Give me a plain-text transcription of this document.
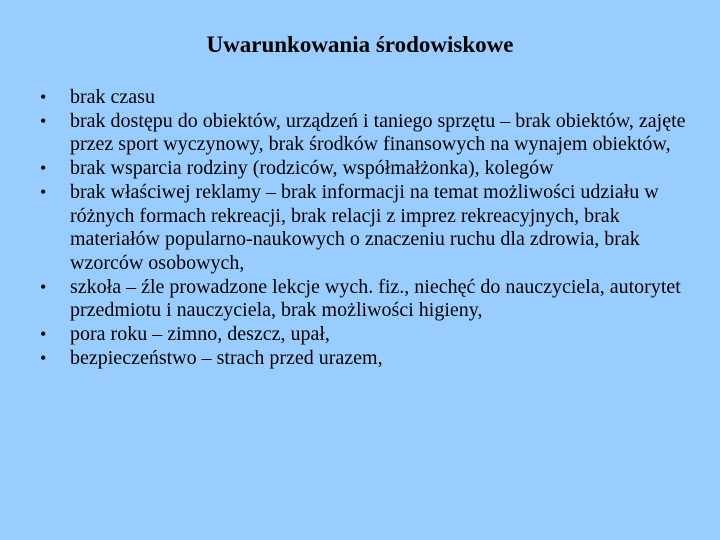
Uwarunkowania środowiskowe
•	brak czasu
•	brak dostępu do obiektów, urządzeń i taniego sprzętu – brak obiektów, zajęte przez sport wyczynowy, brak środków finansowych na wynajem obiektów,
•	brak wsparcia rodziny (rodziców, współmałżonka), kolegów
•	brak właściwej reklamy – brak informacji na temat możliwości udziału w różnych formach rekreacji, brak relacji z imprez rekreacyjnych, brak materiałów popularno-naukowych o znaczeniu ruchu dla zdrowia, brak wzorców osobowych,
•	szkoła – źle prowadzone lekcje wych. fiz., niechęć do nauczyciela, autorytet przedmiotu i nauczyciela, brak możliwości higieny,
•	pora roku – zimno, deszcz, upał,
•	bezpieczeństwo – strach przed urazem,
